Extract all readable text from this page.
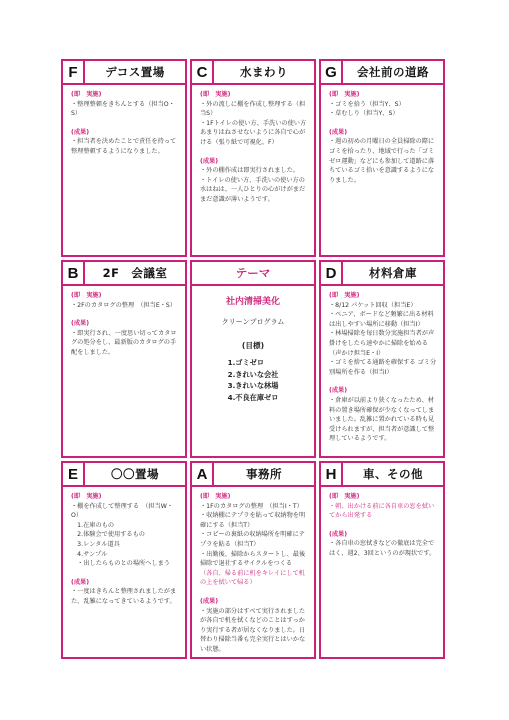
F	デコス置場
(即　実施)
・整理整頓をきちんとする（担当O・S）
(成果)
・担当者を決めたことで責任を持って整理整頓するようになりました。
C	水まわり
(即　実施)
・外の流しに棚を作成し整理する（担当S）
・1Fトイレの使い方、手洗いの使い方
あまりはねさせないように各自で心がける（張り紙で可視化、F）
(成果)
・外の棚作成は即実行されました。
・トイレの使い方、手洗いの使い方の水はねは、一人ひとりの心がけがまだまだ意識が薄いようです。
G	会社前の道路
(即　実施)
・ゴミを拾う（担当Y、S）
・草むしり（担当Y、S）
(成果)
・週の初めの月曜日の全員掃除の際にゴミを拾ったり、地域で行った「ゴミゼロ運動」などにも参加して道路に落ちているゴミ拾いを意識するようになりました。
B	2F　会議室
(即　実施)
・2Fのカタログの整理　（担当E・S）
(成果)
・即実行され、一度思い切ってカタログの処分をし、最新版のカタログの手配をしました。
テーマ
社内清掃美化
クリーンプログラム
(目標)
1.ゴミゼロ
2.きれいな会社
3.きれいな林場
4.不良在庫ゼロ
D	材料倉庫
(即　実施)
・8/12 パケット回収（担当E）
・ベニア、ボードなど頻繁に出る材料は出しやすい場所に移動（担当I）
・林場掃除を毎日数分実施担当者が声掛けをしたら速やかに掃除を始める（声かけ担当E・I）
・ゴミを捨てる通路を確保する ゴミ分別場所を作る（担当I）
(成果)
・倉庫が以前より狭くなったため、材料の置き場所確保が少なくなってしまいました。乱雑に置かれている時も見受けられますが、担当者が意識して整理しているようです。
E	〇〇置場
(即　実施)
・棚を作成して整理する　（担当W・O）
　1.在庫のもの
　2.体験会で使用するもの
　3.レンタル道具
　4.サンプル
　・出したらものとの場所へしまう
(成果)
・一度はきちんと整理されましたがまた、乱雑になってきているようです。
A	事務所
(即　実施)
・1Fのカタログの整理　（担当I・T）
・収納棚にテプラを貼って収納物を明確にする（担当T）
・コピーの裏紙の収納場所を明確にテプラを貼る（担当T）
・出勤後、掃除からスタートし、最後掃除で退社するサイクルをつくる
（各自、帰る前に机をキレイにして机の上を拭いて帰る）
(成果)
・実施の部分はすべて実行されましたが各自で机を拭くなどのことはすっかり実行する者が居なくなりました。日替わり掃除当番も完全実行とはいかない状態。
H	車、その他
(即　実施)
・朝、出かける前に各自車の窓を拭いてから出発する
(成果)
・各自車の窓拭きなどの徹底は完全ではく、週2、3回というのが現状です。
